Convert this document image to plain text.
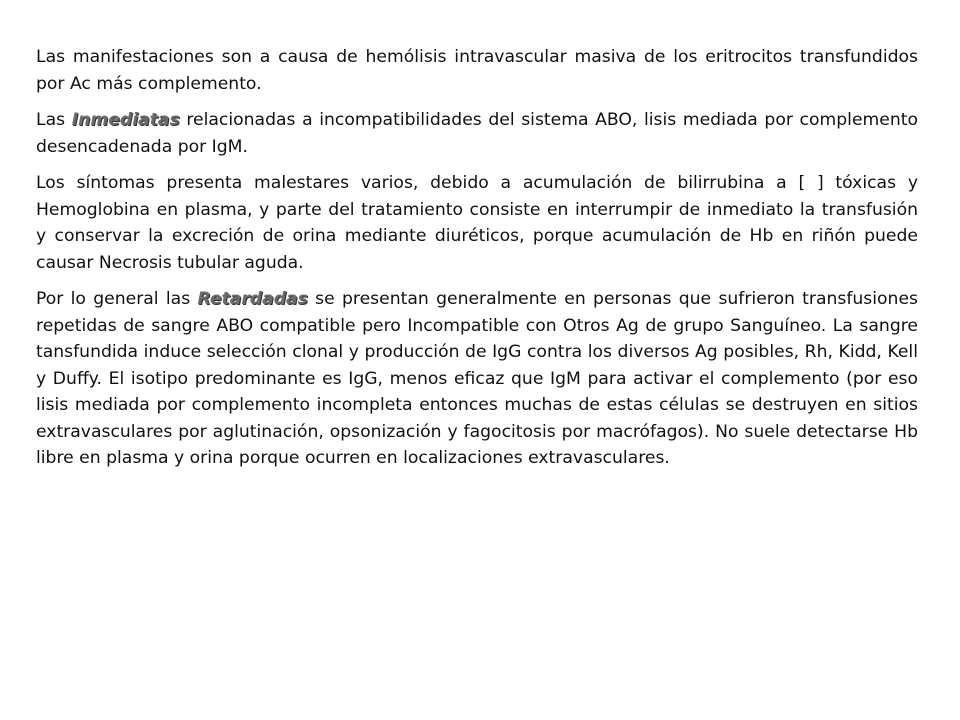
Las manifestaciones son a causa de hemólisis intravascular masiva de los eritrocitos transfundidos por Ac más complemento.

Las Inmediatas relacionadas a incompatibilidades del sistema ABO, lisis mediada por complemento desencadenada por IgM.

Los síntomas presenta malestares varios, debido a acumulación de bilirrubina a [ ] tóxicas y Hemoglobina en plasma, y parte del tratamiento consiste en interrumpir de inmediato la transfusión y conservar la excreción de orina mediante diuréticos, porque acumulación de Hb en riñón puede causar Necrosis tubular aguda.

Por lo general las Retardadas se presentan generalmente en personas que sufrieron transfusiones repetidas de sangre ABO compatible pero Incompatible con Otros Ag de grupo Sanguíneo. La sangre tansfundida induce selección clonal y producción de IgG contra los diversos Ag posibles, Rh, Kidd, Kell y Duffy. El isotipo predominante es IgG, menos eficaz que IgM para activar el complemento (por eso lisis mediada por complemento incompleta entonces muchas de estas células se destruyen en sitios extravasculares por aglutinación, opsonización y fagocitosis por macrófagos). No suele detectarse Hb libre en plasma y orina porque ocurren en localizaciones extravasculares.
